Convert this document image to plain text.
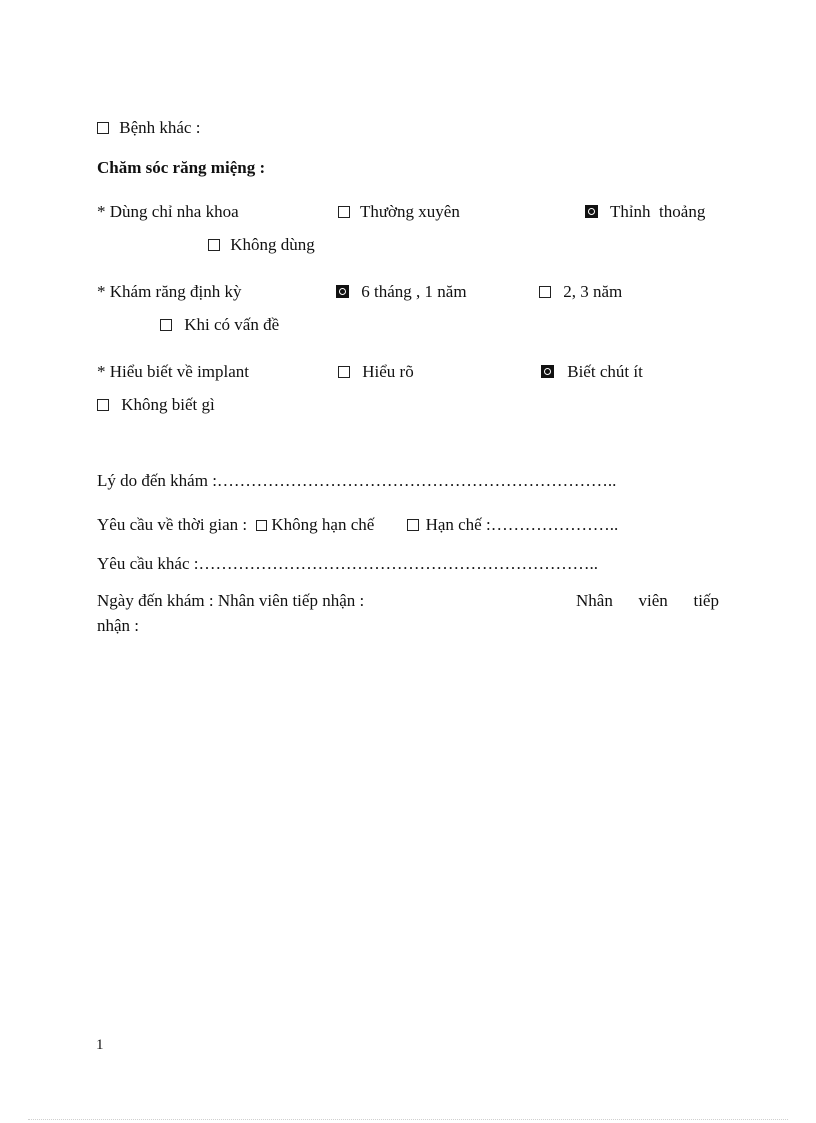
Bệnh khác :
Chăm sóc răng miệng :
* Dùng chỉ nha khoa	Thường xuyên	Thỉnh  thoảng
Không dùng
* Khám răng định kỳ	6 tháng , 1 năm	2, 3 năm
Khi có vấn đề
* Hiểu biết về implant	Hiểu rõ	Biết chút ít
Không biết gì
Lý do đến khám :……………………………………………………………..
Yêu cầu về thời gian : Không hạn chế	Hạn chế :…………………..
Yêu cầu khác :……………………………………………………………..
Ngày đến khám : Nhân viên tiếp nhận :	Nhân viên tiếp
nhận :
1
